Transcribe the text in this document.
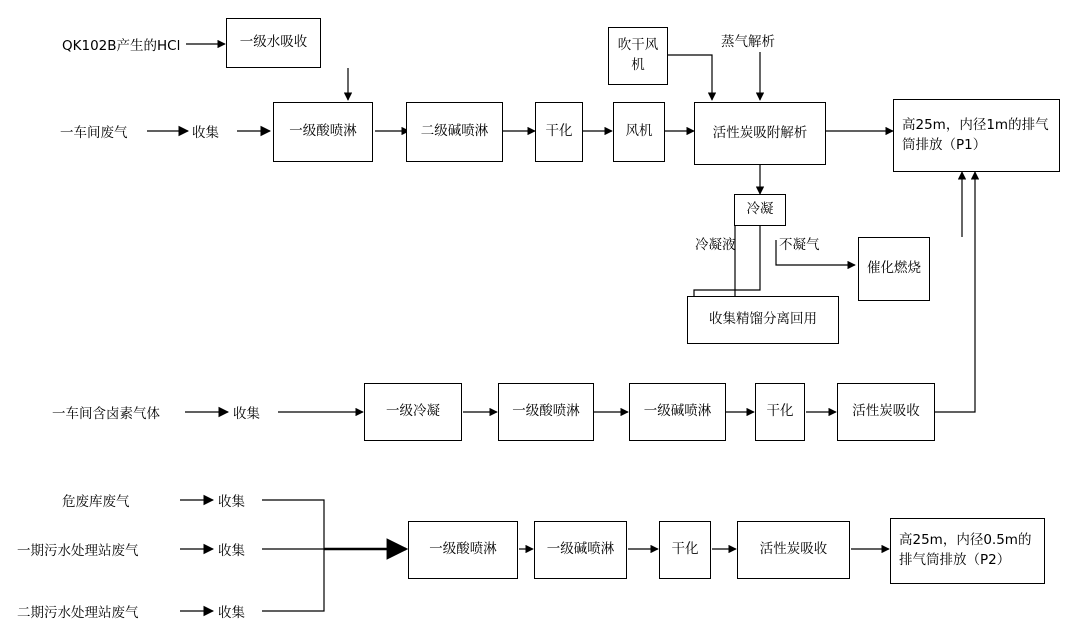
QK102B产生的HCl	一级水吸收
一车间废气	收集	一级酸喷淋	二级碱喷淋	干化	风机
吹干风机
蒸气解析
活性炭吸附解析	高25m，内径1m的排气筒排放（P1）
冷凝
冷凝液	不凝气
催化燃烧
收集精馏分离回用
一车间含卤素气体	收集	一级冷凝	一级酸喷淋	一级碱喷淋	干化	活性炭吸收
危废库废气	收集
一期污水处理站废气	收集
二期污水处理站废气	收集
一级酸喷淋	一级碱喷淋	干化	活性炭吸收
高25m，内径0.5m的排气筒排放（P2）
